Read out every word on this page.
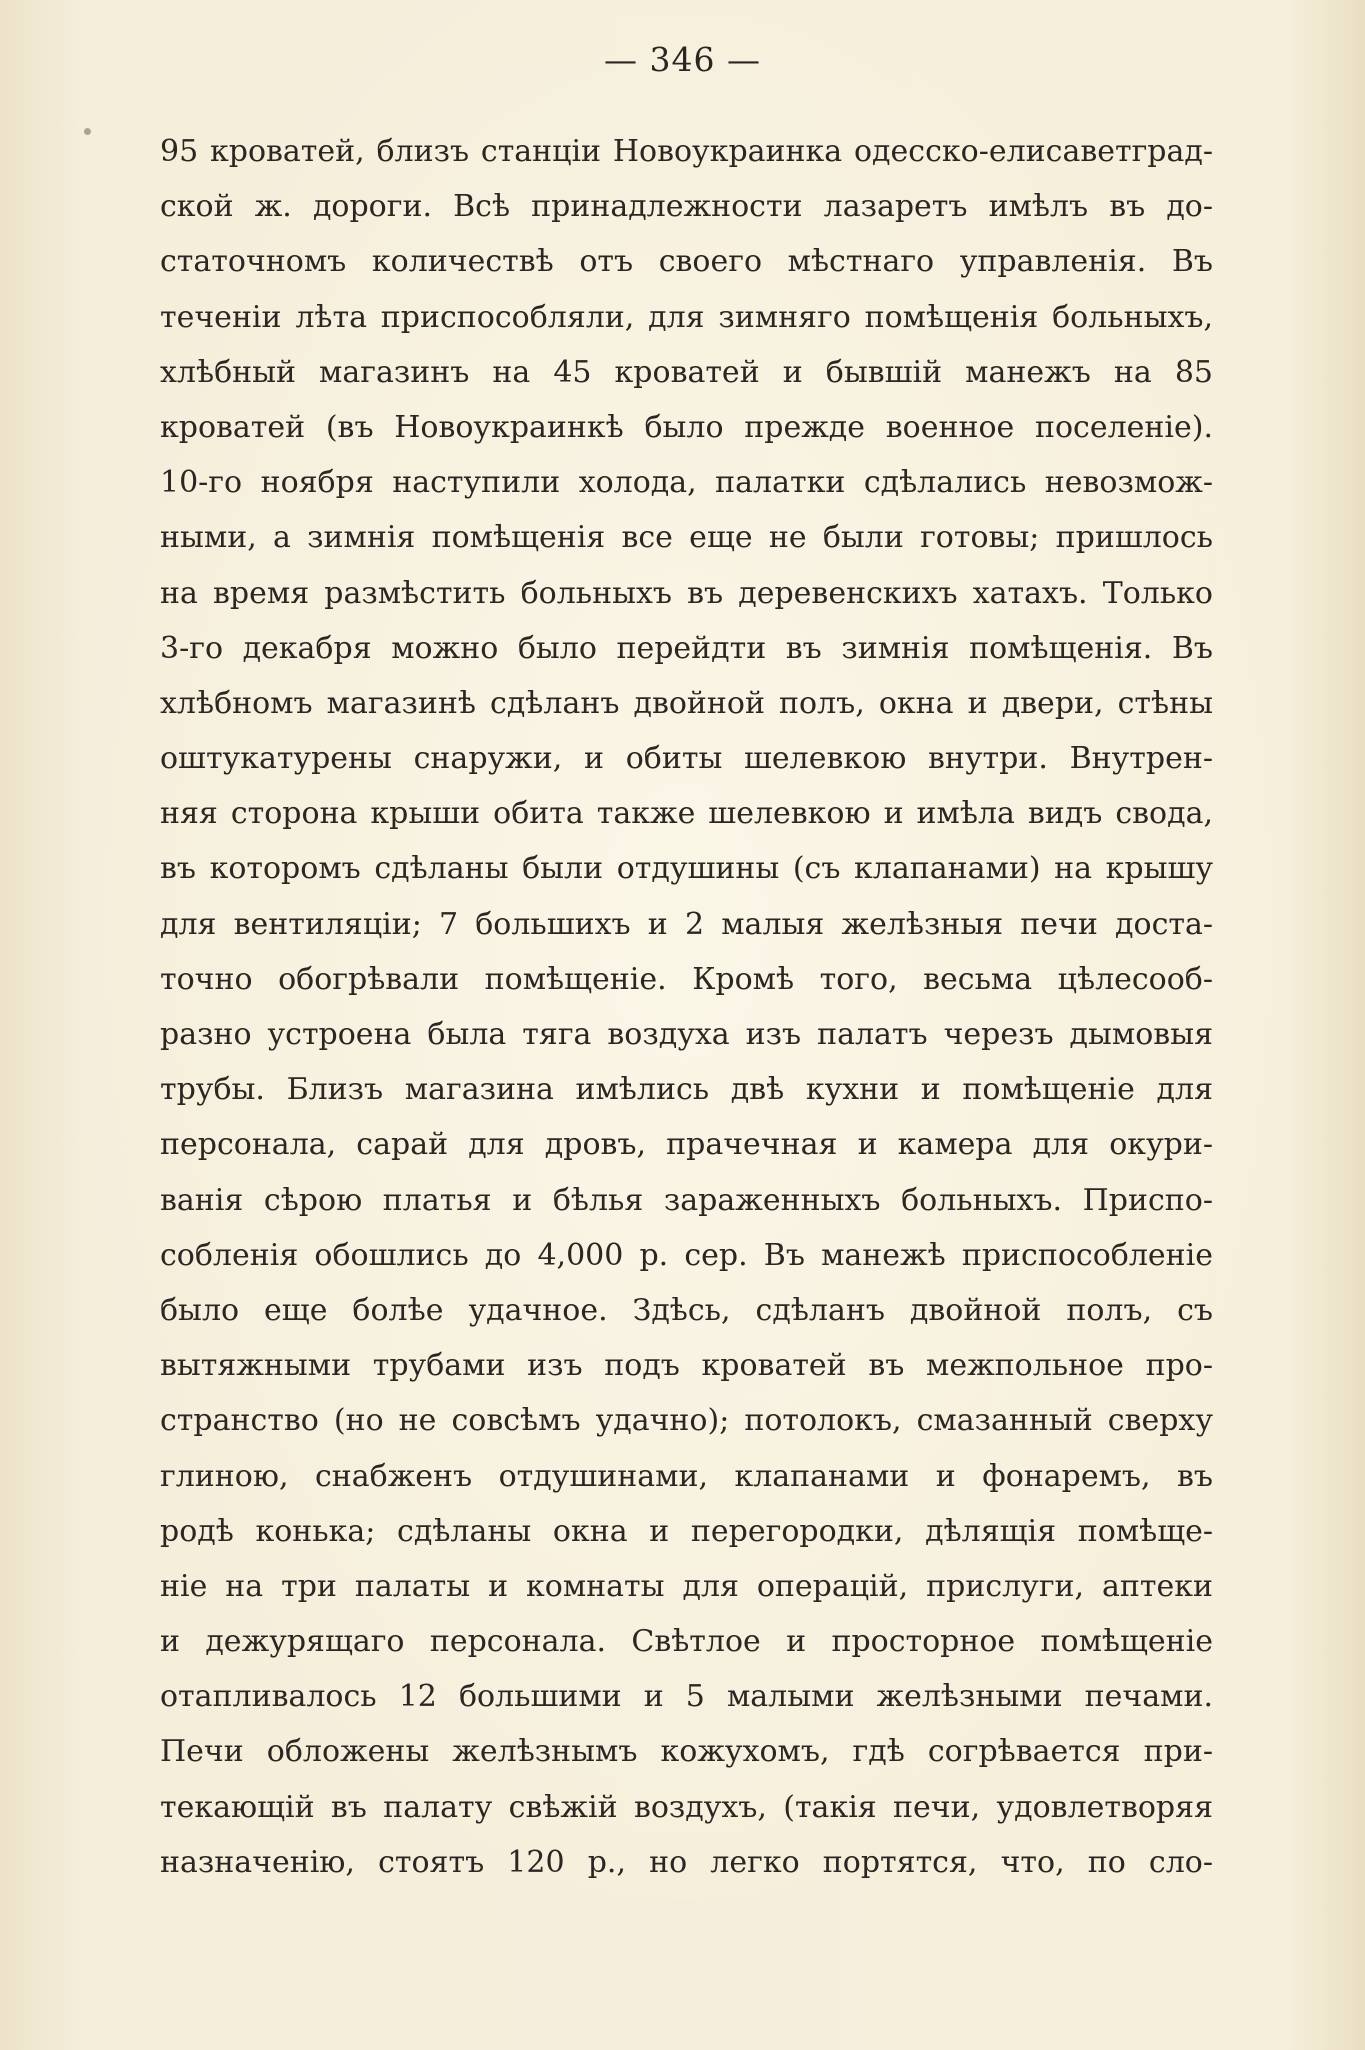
— 346 —
95 кроватей, близъ станціи Новоукраинка одесско-елисаветград-
ской ж. дороги. Всѣ принадлежности лазаретъ имѣлъ въ до-
статочномъ количествѣ отъ своего мѣстнаго управленія. Въ
теченіи лѣта приспособляли, для зимняго помѣщенія больныхъ,
хлѣбный магазинъ на 45 кроватей и бывшій манежъ на 85
кроватей (въ Новоукраинкѣ было прежде военное поселеніе).
10-го ноября наступили холода, палатки сдѣлались невозмож-
ными, а зимнія помѣщенія все еще не были готовы; пришлось
на время размѣстить больныхъ въ деревенскихъ хатахъ. Только
3-го декабря можно было перейдти въ зимнія помѣщенія. Въ
хлѣбномъ магазинѣ сдѣланъ двойной полъ, окна и двери, стѣны
оштукатурены снаружи, и обиты шелевкою внутри. Внутрен-
няя сторона крыши обита также шелевкою и имѣла видъ свода,
въ которомъ сдѣланы были отдушины (съ клапанами) на крышу
для вентиляціи; 7 большихъ и 2 малыя желѣзныя печи доста-
точно обогрѣвали помѣщеніе. Кромѣ того, весьма цѣлесооб-
разно устроена была тяга воздуха изъ палатъ черезъ дымовыя
трубы. Близъ магазина имѣлись двѣ кухни и помѣщеніе для
персонала, сарай для дровъ, прачечная и камера для окури-
ванія сѣрою платья и бѣлья зараженныхъ больныхъ. Приспо-
собленія обошлись до 4,000 р. сер. Въ манежѣ приспособленіе
было еще болѣе удачное. Здѣсь, сдѣланъ двойной полъ, съ
вытяжными трубами изъ подъ кроватей въ межпольное про-
странство (но не совсѣмъ удачно); потолокъ, смазанный сверху
глиною, снабженъ отдушинами, клапанами и фонаремъ, въ
родѣ конька; сдѣланы окна и перегородки, дѣлящія помѣще-
ніе на три палаты и комнаты для операцій, прислуги, аптеки
и дежурящаго персонала. Свѣтлое и просторное помѣщеніе
отапливалось 12 большими и 5 малыми желѣзными печами.
Печи обложены желѣзнымъ кожухомъ, гдѣ согрѣвается при-
текающій въ палату свѣжій воздухъ, (такія печи, удовлетворяя
назначенію, стоятъ 120 р., но легко портятся, что, по сло-
